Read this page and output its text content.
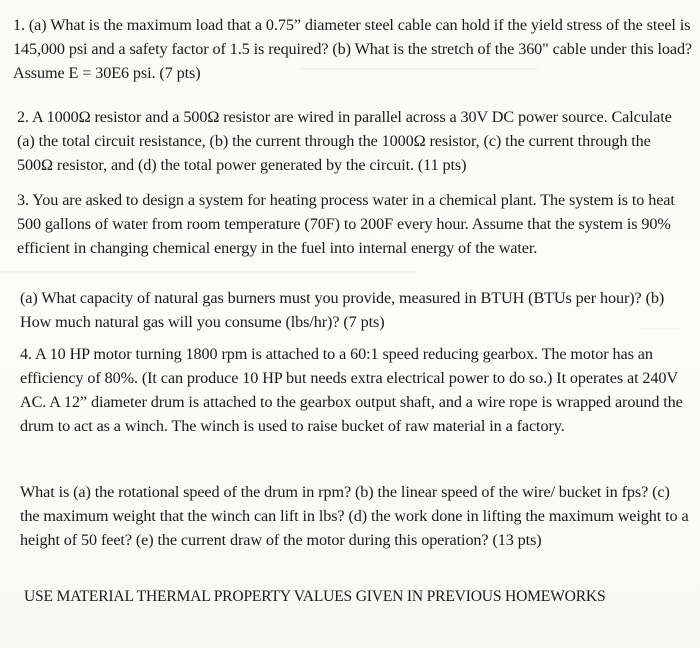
────────────────────────
──────────────────────────────────────────
────

1. (a) What is the maximum load that a 0.75” diameter steel cable can hold if the yield stress of the steel is 145,000 psi and a safety factor of 1.5 is required? (b) What is the stretch of the 360" cable under this load? Assume E = 30E6 psi. (7 pts)

2. A 1000Ω resistor and a 500Ω resistor are wired in parallel across a 30V DC power source. Calculate (a) the total circuit resistance, (b) the current through the 1000Ω resistor, (c) the current through the 500Ω resistor, and (d) the total power generated by the circuit. (11 pts)

3. You are asked to design a system for heating process water in a chemical plant. The system is to heat 500 gallons of water from room temperature (70F) to 200F every hour. Assume that the system is 90% efficient in changing chemical energy in the fuel into internal energy of the water.

(a) What capacity of natural gas burners must you provide, measured in BTUH (BTUs per hour)? (b) How much natural gas will you consume (lbs/hr)? (7 pts)

4. A 10 HP motor turning 1800 rpm is attached to a 60:1 speed reducing gearbox. The motor has an efficiency of 80%. (It can produce 10 HP but needs extra electrical power to do so.) It operates at 240V AC. A 12” diameter drum is attached to the gearbox output shaft, and a wire rope is wrapped around the drum to act as a winch. The winch is used to raise bucket of raw material in a factory.

What is (a) the rotational speed of the drum in rpm? (b) the linear speed of the wire/ bucket in fps? (c) the maximum weight that the winch can lift in lbs? (d) the work done in lifting the maximum weight to a height of 50 feet? (e) the current draw of the motor during this operation? (13 pts)

USE MATERIAL THERMAL PROPERTY VALUES GIVEN IN PREVIOUS HOMEWORKS
